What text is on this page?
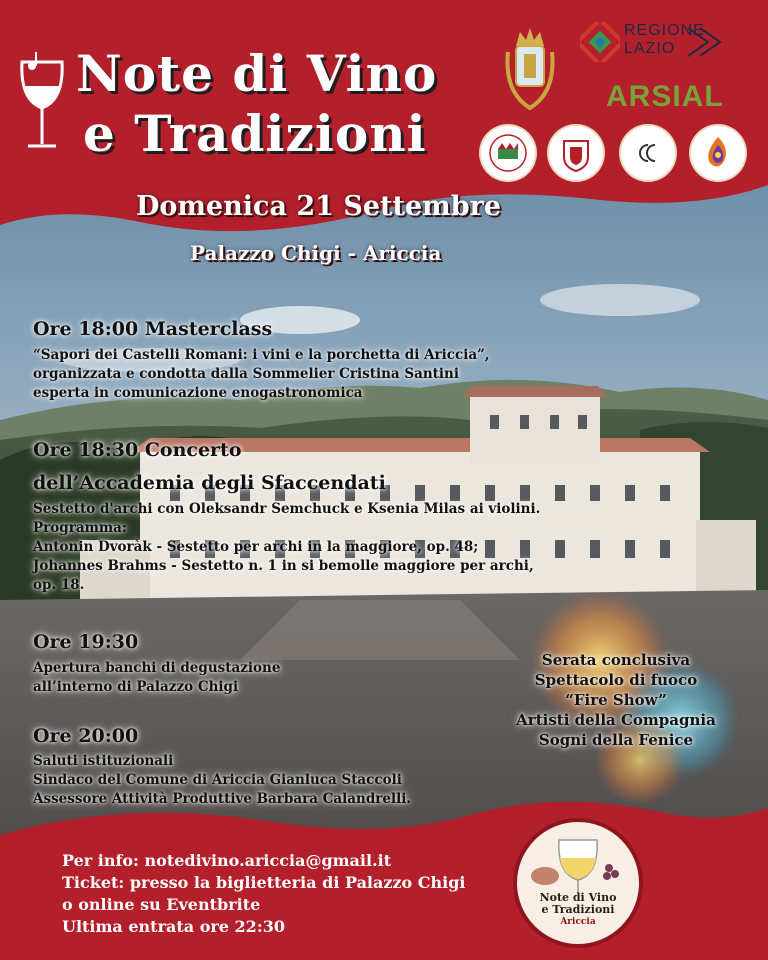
Note di Vino
e Tradizioni
Domenica 21 Settembre
Palazzo Chigi - Ariccia
REGIONE
LAZIO
ARSIAL
Ore 18:00 Masterclass
“Sapori dei Castelli Romani: i vini e la porchetta di Ariccia”,
organizzata e condotta dalla Sommelier Cristina Santini
esperta in comunicazione enogastronomica
Ore 18:30 Concerto
dell’Accademia degli Sfaccendati
Sestetto d'archi con Oleksandr Semchuck e Ksenia Milas ai violini.
Programma:
Antonin Dvoràk - Sestetto per archi in la maggiore, op. 48;
Johannes Brahms - Sestetto n. 1 in si bemolle maggiore per archi,
op. 18.
Ore 19:30
Apertura banchi di degustazione
all’interno di Palazzo Chigi
Ore 20:00
Saluti istituzionali
Sindaco del Comune di Ariccia Gianluca Staccoli
Assessore Attività Produttive Barbara Calandrelli.
Serata conclusiva
Spettacolo di fuoco
“Fire Show”
Artisti della Compagnia
Sogni della Fenice
Per info: notedivino.ariccia@gmail.it
Ticket: presso la biglietteria di Palazzo Chigi
o online su Eventbrite
Ultima entrata ore 22:30
Note di Vino
e Tradizioni
Ariccia
